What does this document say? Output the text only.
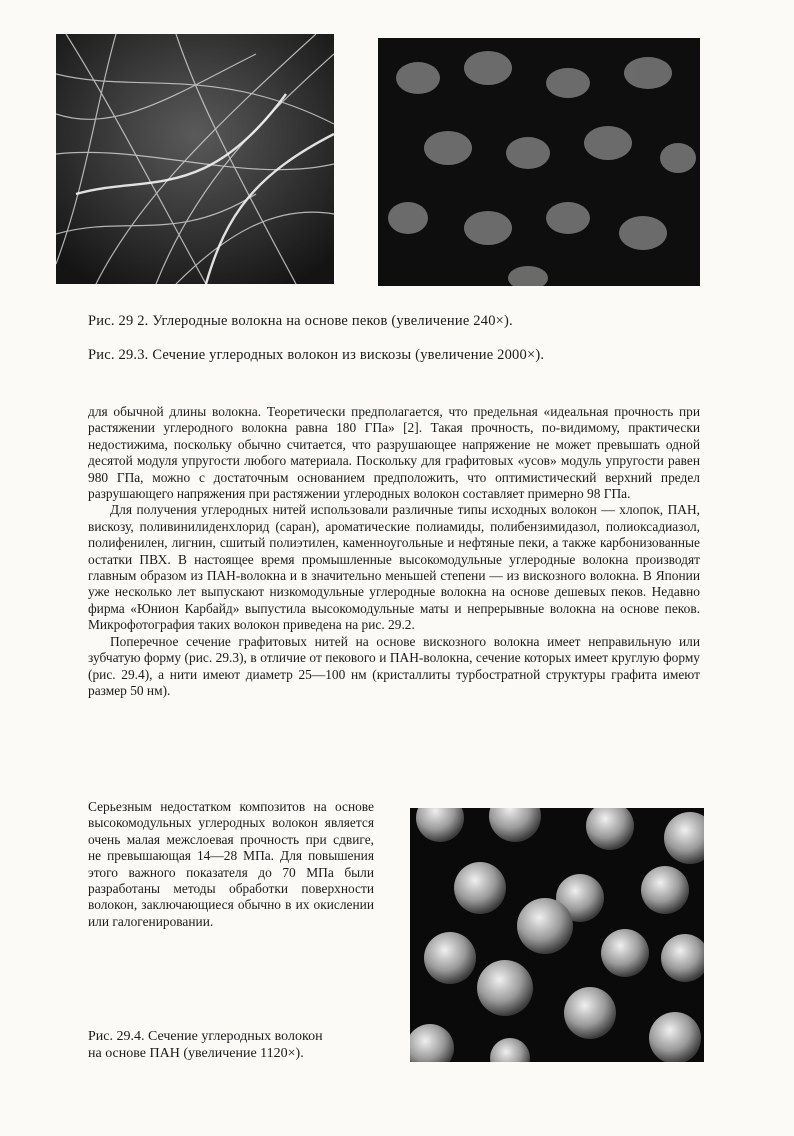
Рис. 29 2. Углеродные волокна на основе пеков (увеличение 240×).
Рис. 29.3. Сечение углеродных волокон из вискозы (увеличение 2000×).

для обычной длины волокна. Теоретически предполагается, что предельная «идеальная прочность при растяжении углеродного волокна равна 180 ГПа» [2]. Такая прочность, по-видимому, практически недостижима, поскольку обычно считается, что разрушающее напряжение не может превышать одной десятой модуля упругости любого материала. Поскольку для графитовых «усов» модуль упругости равен 980 ГПа, можно с достаточным основанием предположить, что оптимистический верхний предел разрушающего напряжения при растяжении углеродных волокон составляет примерно 98 ГПа.

Для получения углеродных нитей использовали различные типы исходных волокон — хлопок, ПАН, вискозу, поливинилиденхлорид (саран), ароматические полиамиды, полибензимидазол, полиоксадиазол, полифенилен, лигнин, сшитый полиэтилен, каменноугольные и нефтяные пеки, а также карбонизованные остатки ПВХ. В настоящее время промышленные высокомодульные углеродные волокна производят главным образом из ПАН-волокна и в значительно меньшей степени — из вискозного волокна. В Японии уже несколько лет выпускают низкомодульные углеродные волокна на основе дешевых пеков. Недавно фирма «Юнион Карбайд» выпустила высокомодульные маты и непрерывные волокна на основе пеков. Микрофотография таких волокон приведена на рис. 29.2.

Поперечное сечение графитовых нитей на основе вискозного волокна имеет неправильную или зубчатую форму (рис. 29.3), в отличие от пекового и ПАН-волокна, сечение которых имеет круглую форму (рис. 29.4), а нити имеют диаметр 25—100 нм (кристаллиты турбостратной структуры графита имеют размер 50 нм).

Серьезным недостатком композитов на основе высокомодульных углеродных волокон является очень малая межслоевая прочность при сдвиге, не превышающая 14—28 МПа. Для повышения этого важного показателя до 70 МПа были разработаны методы обработки поверхности волокон, заключающиеся обычно в их окислении или галогенировании.

Рис. 29.4. Сечение углеродных волокон
на основе ПАН (увеличение 1120×).
